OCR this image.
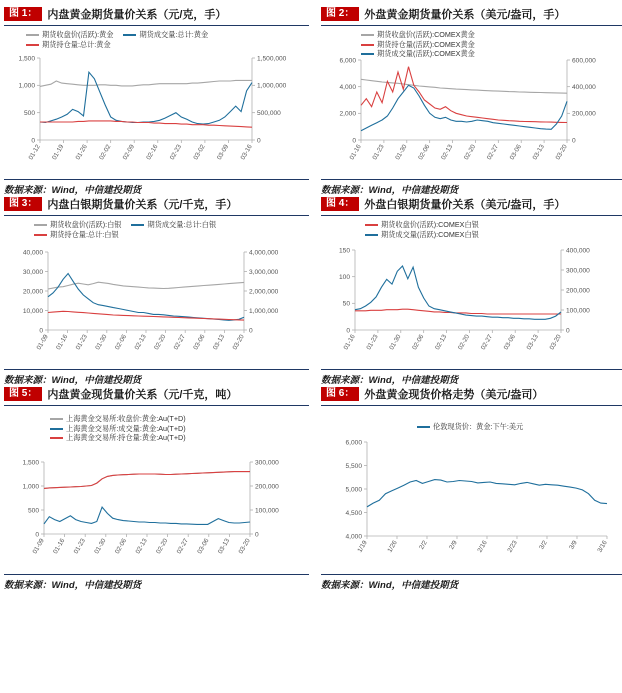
图 1： 内盘黄金期货量价关系（元/克，手）
期货收盘价(活跃):黄金	期货成交量:总计:黄金
期货持仓量:总计:黄金
0
500
1,000
1,500
0
500,000
1,000,000
1,500,000
01-12 01-19 01-26 02-02 02-09 02-16 02-23 03-02 03-09 03-16
数据来源：Wind，中信建投期货
图 2： 外盘黄金期货量价关系（美元/盎司，手）
期货收盘价(活跃):COMEX黄金
期货持仓量(活跃):COMEX黄金
期货成交量(活跃):COMEX黄金
0
2,000
4,000
6,000
0
200,000
400,000
600,000
01-16 01-23 01-30 02-06 02-13 02-20 02-27 03-06 03-13 03-20
数据来源：Wind，中信建投期货
图 3： 内盘白银期货量价关系（元/千克，手）
期货收盘价(活跃):白银	期货成交量:总计:白银
期货持仓量:总计:白银
0
10,000
20,000
30,000
40,000
0
1,000,000
2,000,000
3,000,000
4,000,000
01-09 01-16 01-23 01-30 02-06 02-13 02-20 02-27 03-06 03-13 03-20
数据来源：Wind，中信建投期货
图 4： 外盘白银期货量价关系（美元/盎司，手）
期货收盘价(活跃):COMEX白银
期货成交量(活跃):COMEX白银
0
50
100
150
0
100,000
200,000
300,000
400,000
01-16 01-23 01-30 02-06 02-13 02-20 02-27 03-06 03-13 03-20
数据来源：Wind，中信建投期货
图 5： 内盘黄金现货量价关系（元/千克，吨）
上海黄金交易所:收盘价:黄金:Au(T+D)
上海黄金交易所:成交量:黄金:Au(T+D)
上海黄金交易所:持仓量:黄金:Au(T+D)
0
500
1,000
1,500
0
100,000
200,000
300,000
01-09 01-16 01-23 01-30 02-06 02-13 02-20 02-27 03-06 03-13 03-20
数据来源：Wind，中信建投期货
图 6： 外盘黄金现货价格走势（美元/盎司）
伦敦现货价：黄金:下午:美元
4,000
4,500
5,000
5,500
6,000
1/19	1/26	2/2	2/9	2/16	2/23	3/2	3/9	3/16
数据来源：Wind，中信建投期货
